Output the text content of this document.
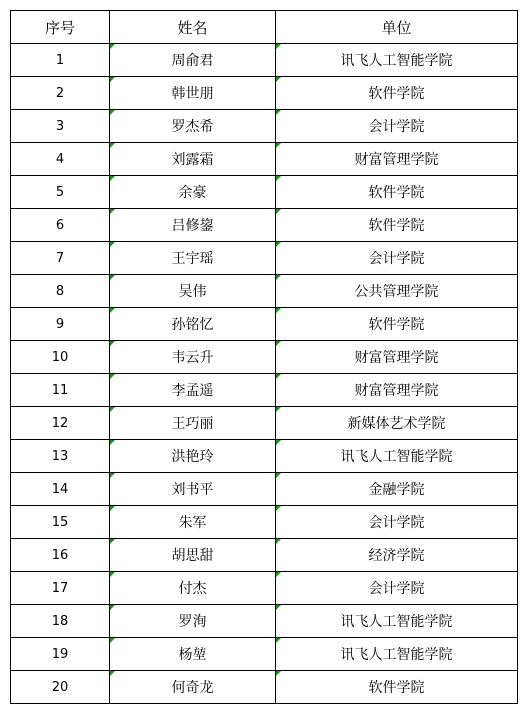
序号	姓名	单位
1	周俞君	讯飞人工智能学院
2	韩世朋	软件学院
3	罗杰希	会计学院
4	刘露霜	财富管理学院
5	余豪	软件学院
6	吕修鋆	软件学院
7	王宇瑶	会计学院
8	吴伟	公共管理学院
9	孙铭忆	软件学院
10	韦云升	财富管理学院
11	李孟遥	财富管理学院
12	王巧丽	新媒体艺术学院
13	洪艳玲	讯飞人工智能学院
14	刘书平	金融学院
15	朱军	会计学院
16	胡思甜	经济学院
17	付杰	会计学院
18	罗洵	讯飞人工智能学院
19	杨堃	讯飞人工智能学院
20	何奇龙	软件学院
